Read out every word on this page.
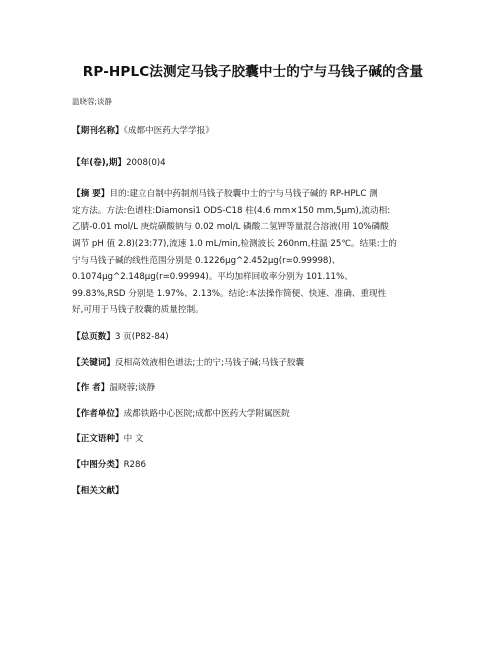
RP-HPLC法测定马钱子胶囊中士的宁与马钱子碱的含量
温晓蓉;谈静
【期刊名称】《成都中医药大学学报》
【年(卷),期】2008(0)4
【摘 要】目的:建立自制中药制剂马钱子胶囊中士的宁与马钱子碱的 RP-HPLC 测
定方法。方法:色谱柱:Diamonsi1 ODS-C18 柱(4.6 mm×150 mm,5μm),流动相:
乙腈-0.01 mol/L 庚烷磺酸钠与 0.02 mol/L 磷酸二氢钾等量混合溶液(用 10%磷酸
调节 pH 值 2.8)(23:77),流速 1.0 mL/min,检测波长 260nm,柱温 25℃。结果:士的
宁与马钱子碱的线性范围分别是 0.1226μg^2.452μg(r=0.99998)、
0.1074μg^2.148μg(r=0.99994)。平均加样回收率分别为 101.11%、
99.83%,RSD 分别是 1.97%、2.13%。结论:本法操作简便、快速、准确、重现性
好,可用于马钱子胶囊的质量控制。
【总页数】3 页(P82-84)
【关键词】反相高效液相色谱法;士的宁;马钱子碱;马钱子胶囊
【作 者】温晓蓉;谈静
【作者单位】成都铁路中心医院;成都中医药大学附属医院
【正文语种】中 文
【中图分类】R286
【相关文献】
